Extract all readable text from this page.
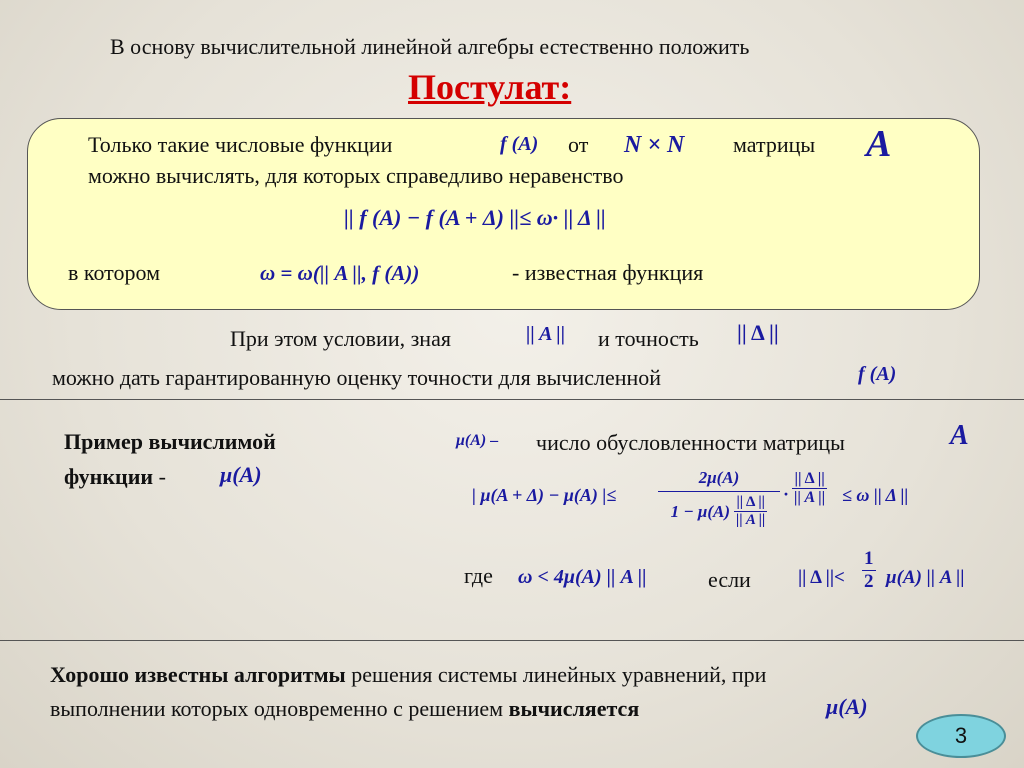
В основу вычислительной линейной алгебры естественно положить
Постулат:
Только такие числовые функции	f (A) от N × N матрицы A
можно вычислять, для которых справедливо неравенство
|| f (A) − f (A + Δ) ||≤ ω· || Δ ||
в котором	ω = ω(|| A ||, f (A))	- известная функция
При этом условии, зная	|| A || и точность || Δ ||
можно дать гарантированную оценку точности для вычисленной	f (A)
Пример вычислимой
функции - μ(A)
μ(A) – число обусловленности матрицы	A
| μ(A + Δ) − μ(A) |≤ $\frac{2\mu(A)}{1 - \mu(A) \frac{|| \Delta ||}{|| A ||}} \cdot \frac{|| \Delta ||}{|| A ||} \le \omega$ || Δ ||
где ω < 4μ(A) || A ||	если || Δ ||< $\frac{1}{2} \mu(A)$ || A ||
Хорошо известны алгоритмы решения системы линейных уравнений, при
выполнении которых одновременно с решением вычисляется	μ(A)
3
